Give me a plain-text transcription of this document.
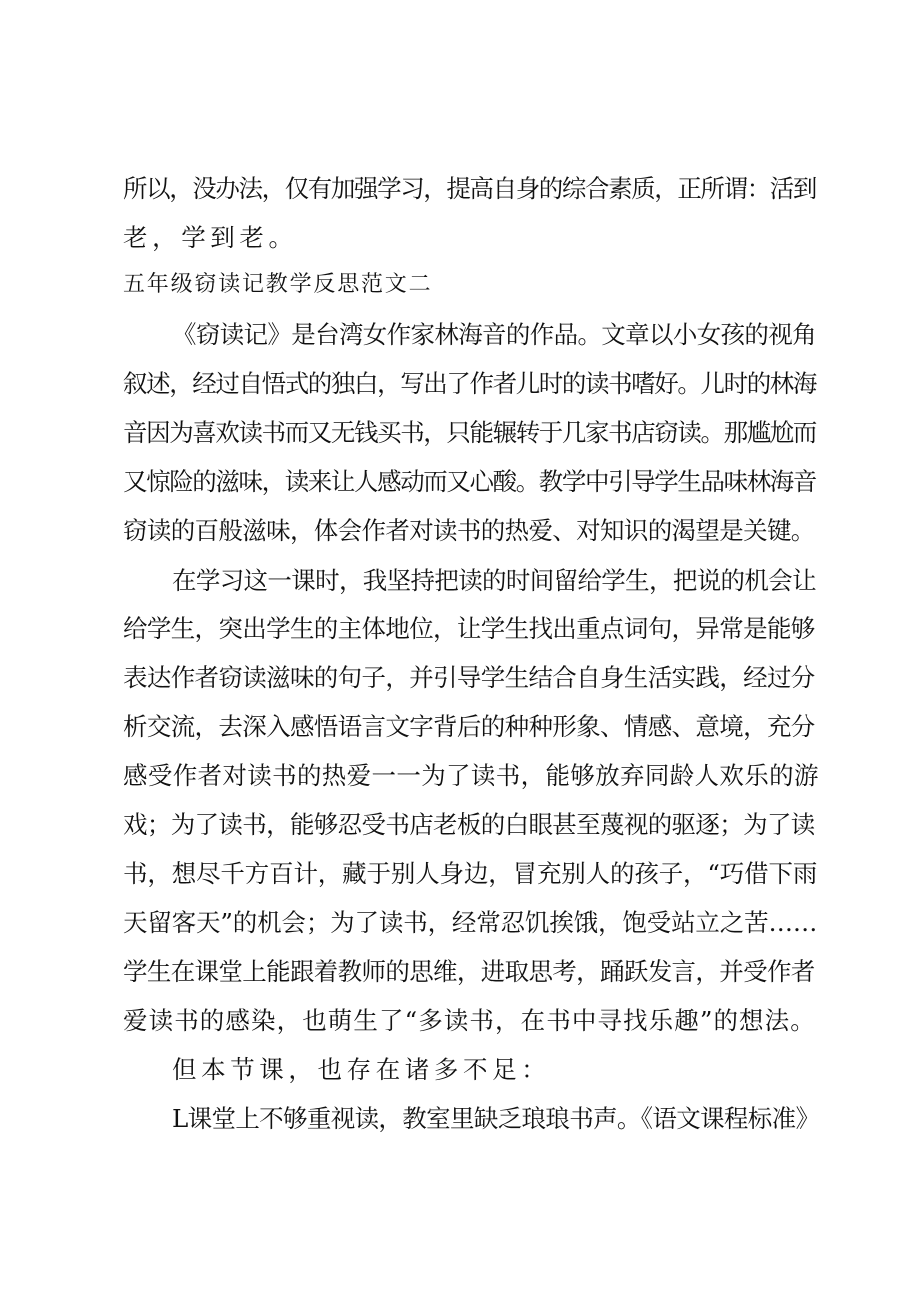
所以，没办法，仅有加强学习，提高自身的综合素质，正所谓：活到
老，学到老。
五年级窃读记教学反思范文二
《窃读记》是台湾女作家林海音的作品。文章以小女孩的视角
叙述，经过自悟式的独白，写出了作者儿时的读书嗜好。儿时的林海
音因为喜欢读书而又无钱买书，只能辗转于几家书店窃读。那尴尬而
又惊险的滋味，读来让人感动而又心酸。教学中引导学生品味林海音
窃读的百般滋味，体会作者对读书的热爱、对知识的渴望是关键。
在学习这一课时，我坚持把读的时间留给学生，把说的机会让
给学生，突出学生的主体地位，让学生找出重点词句，异常是能够
表达作者窃读滋味的句子，并引导学生结合自身生活实践，经过分
析交流，去深入感悟语言文字背后的种种形象、情感、意境，充分
感受作者对读书的热爱一一为了读书，能够放弃同龄人欢乐的游
戏；为了读书，能够忍受书店老板的白眼甚至蔑视的驱逐；为了读
书，想尽千方百计，藏于别人身边，冒充别人的孩子，“巧借下雨
天留客天”的机会；为了读书，经常忍饥挨饿，饱受站立之苦……
学生在课堂上能跟着教师的思维，进取思考，踊跃发言，并受作者
爱读书的感染，也萌生了“多读书，在书中寻找乐趣”的想法。
但本节课，也存在诸多不足：
L课堂上不够重视读，教室里缺乏琅琅书声。《语文课程标准》
